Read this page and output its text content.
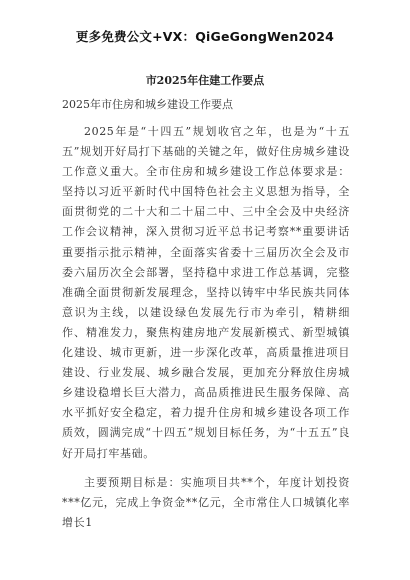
更多免费公文+VX：QiGeGongWen2024
市2025年住建工作要点
2025年市住房和城乡建设工作要点

2025年是“十四五”规划收官之年，也是为“十五五”规划开好局打下基础的关键之年，做好住房城乡建设工作意义重大。全市住房和城乡建设工作总体要求是：坚持以习近平新时代中国特色社会主义思想为指导，全面贯彻党的二十大和二十届二中、三中全会及中央经济工作会议精神，深入贯彻习近平总书记考察**重要讲话重要指示批示精神，全面落实省委十三届历次全会及市委六届历次全会部署，坚持稳中求进工作总基调，完整准确全面贯彻新发展理念，坚持以铸牢中华民族共同体意识为主线，以建设绿色发展先行市为牵引，精耕细作、精准发力，聚焦构建房地产发展新模式、新型城镇化建设、城市更新，进一步深化改革，高质量推进项目建设、行业发展、城乡融合发展，更加充分释放住房城乡建设稳增长巨大潜力，高品质推进民生服务保障、高水平抓好安全稳定，着力提升住房和城乡建设各项工作质效，圆满完成“十四五”规划目标任务，为“十五五”良好开局打牢基础。

主要预期目标是：实施项目共**个，年度计划投资***亿元，完成上争资金**亿元，全市常住人口城镇化率增长1
